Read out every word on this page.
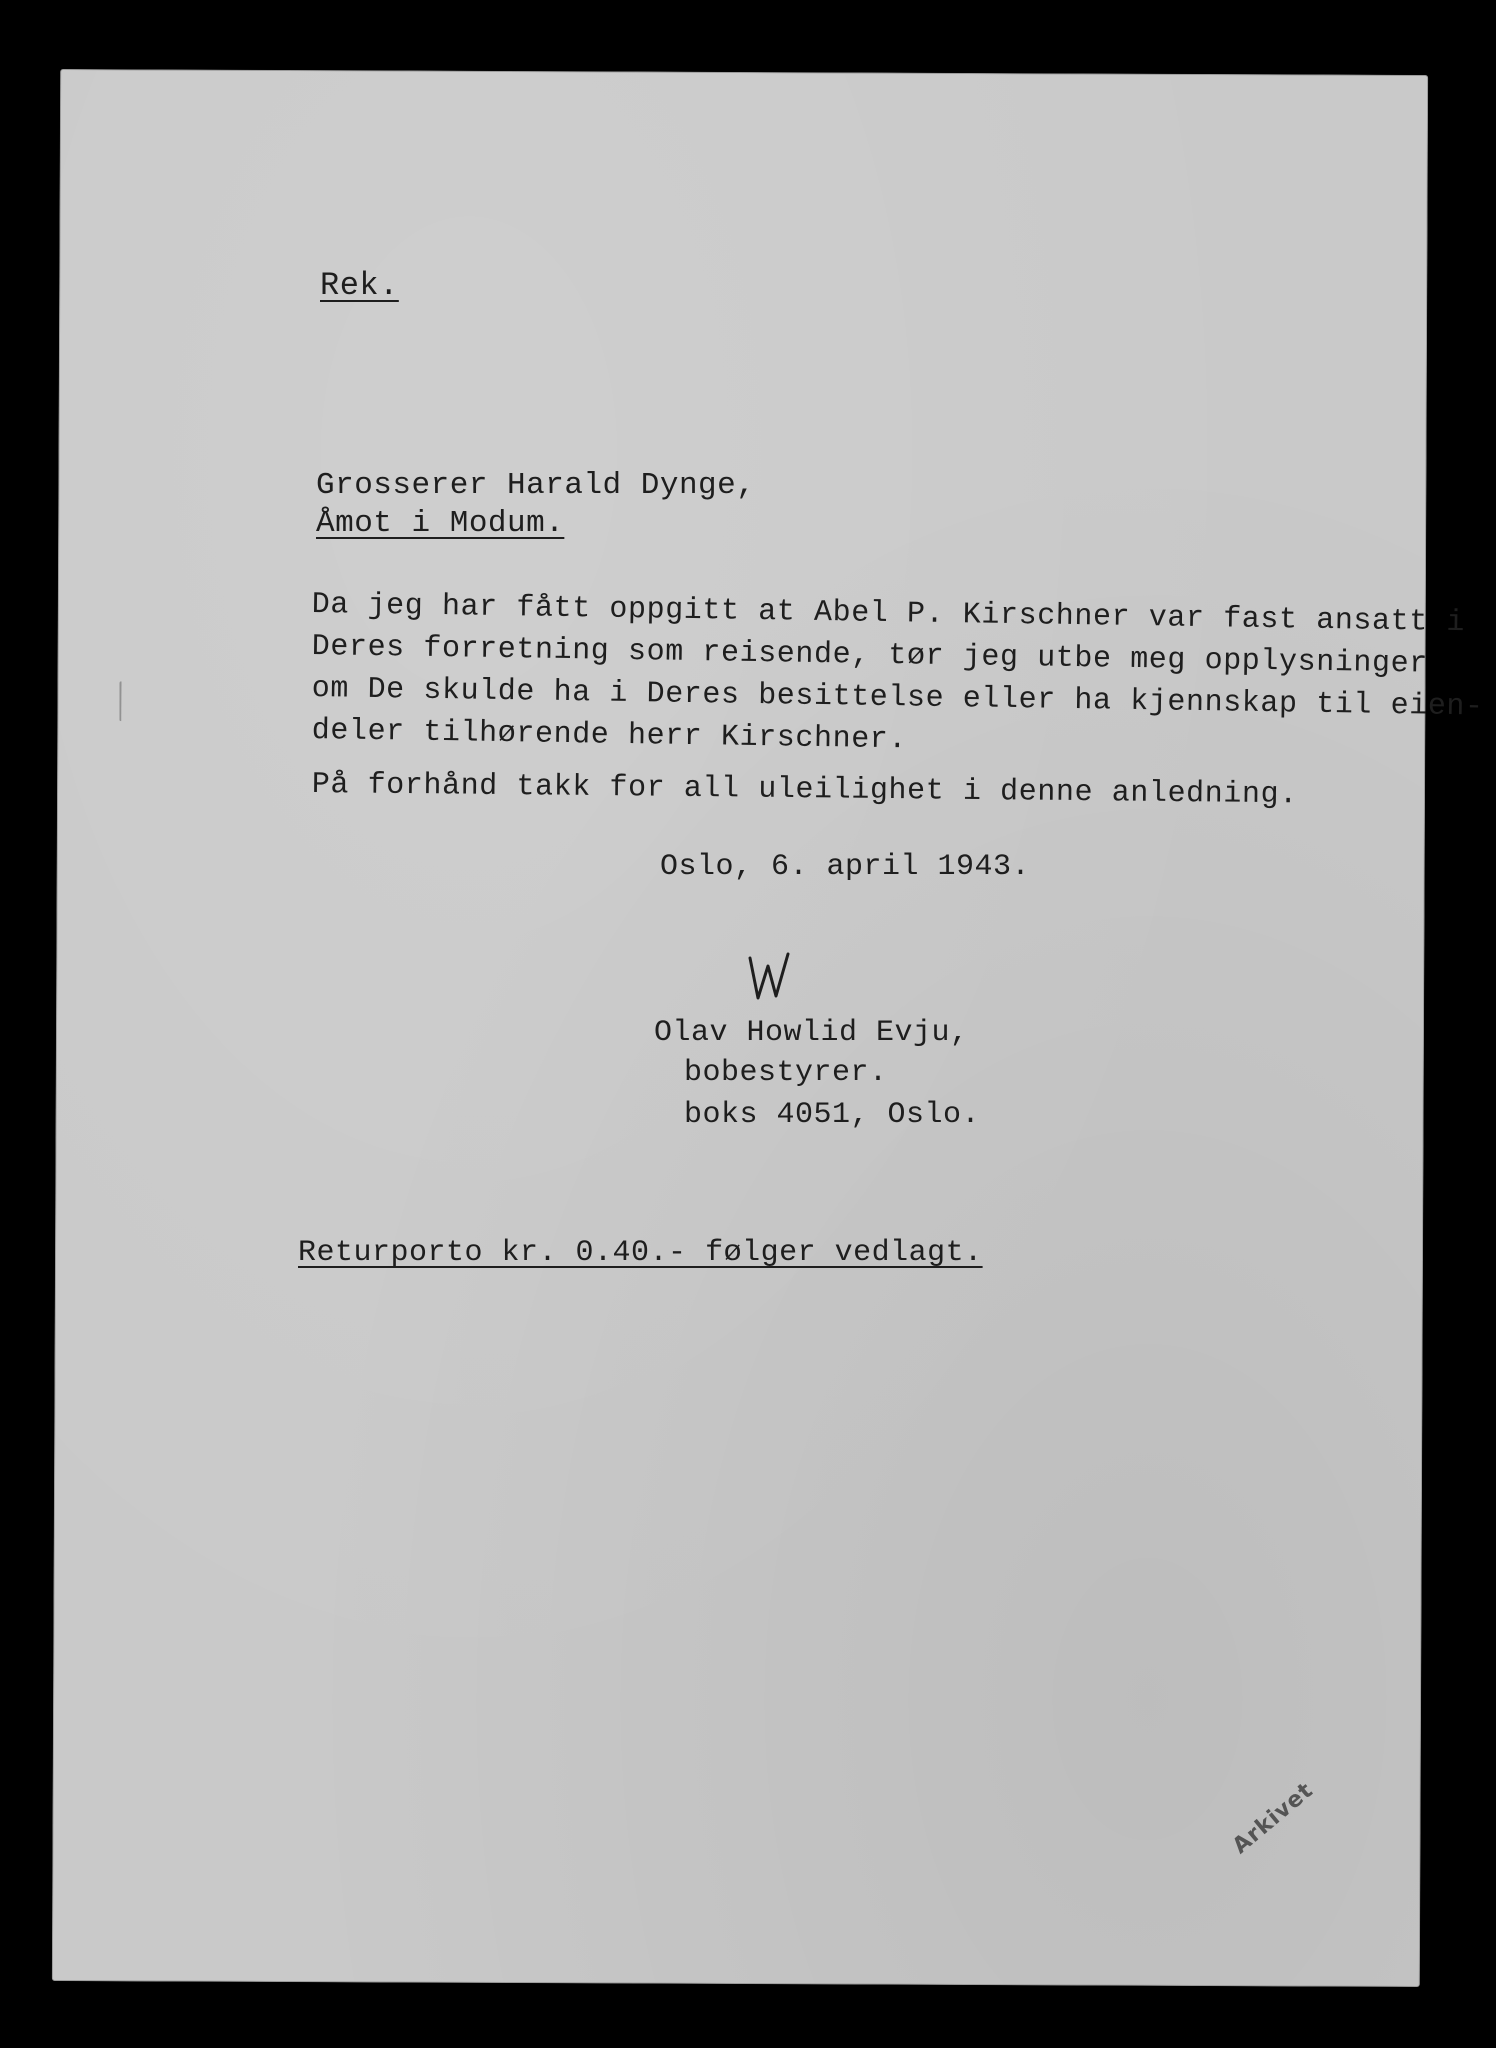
Rek.
Grosserer Harald Dynge,
Åmot i Modum.
Da jeg har fått oppgitt at Abel P. Kirschner var fast ansatt i
Deres forretning som reisende, tør jeg utbe meg opplysninger
om De skulde ha i Deres besittelse eller ha kjennskap til eien-
deler tilhørende herr Kirschner.
På forhånd takk for all uleilighet i denne anledning.
Oslo, 6. april 1943.
Olav Howlid Evju,
bobestyrer.
boks 4051, Oslo.
Returporto kr. 0.40.- følger vedlagt.
Arkivet
